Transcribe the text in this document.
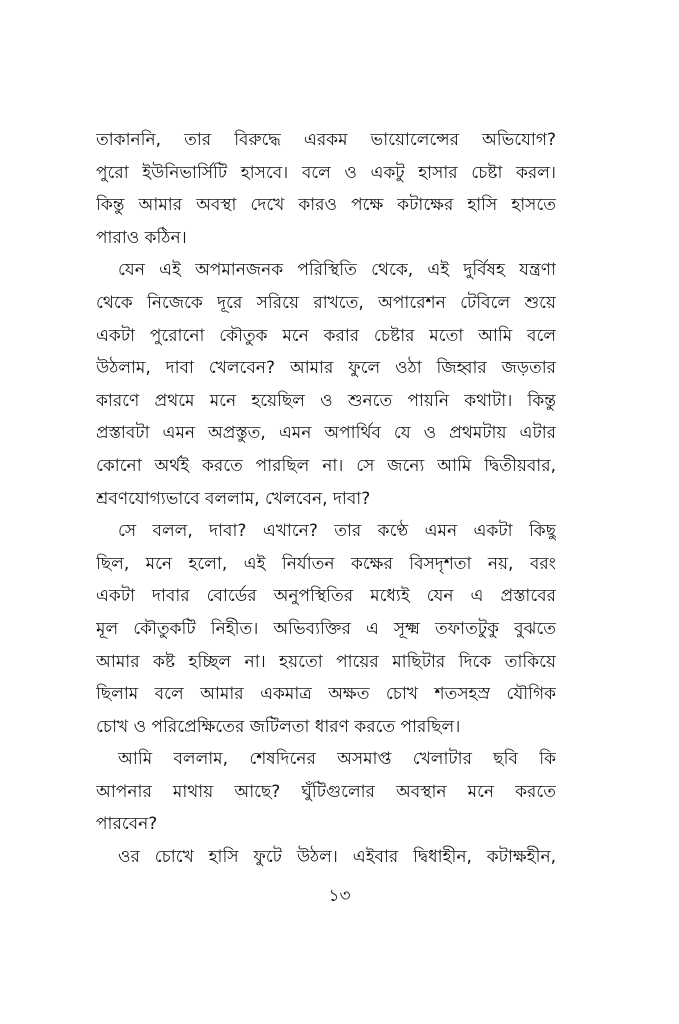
তাকাননি, তার বিরুদ্ধে এরকম ভায়োলেন্সের অভিযোগ?
পুরো ইউনিভার্সিটি হাসবে। বলে ও একটু হাসার চেষ্টা করল।
কিন্তু আমার অবস্থা দেখে কারও পক্ষে কটাক্ষের হাসি হাসতে
পারাও কঠিন।
যেন এই অপমানজনক পরিস্থিতি থেকে, এই দুর্বিষহ যন্ত্রণা
থেকে নিজেকে দূরে সরিয়ে রাখতে, অপারেশন টেবিলে শুয়ে
একটা পুরোনো কৌতুক মনে করার চেষ্টার মতো আমি বলে
উঠলাম, দাবা খেলবেন? আমার ফুলে ওঠা জিহ্বার জড়তার
কারণে প্রথমে মনে হয়েছিল ও শুনতে পায়নি কথাটা। কিন্তু
প্রস্তাবটা এমন অপ্রস্তুত, এমন অপার্থিব যে ও প্রথমটায় এটার
কোনো অর্থই করতে পারছিল না। সে জন্যে আমি দ্বিতীয়বার,
শ্রবণযোগ্যভাবে বললাম, খেলবেন, দাবা?
সে বলল, দাবা? এখানে? তার কণ্ঠে এমন একটা কিছু
ছিল, মনে হলো, এই নির্যাতন কক্ষের বিসদৃশতা নয়, বরং
একটা দাবার বোর্ডের অনুপস্থিতির মধ্যেই যেন এ প্রস্তাবের
মূল কৌতুকটি নিহীত। অভিব্যক্তির এ সূক্ষ্ম তফাতটুকু বুঝতে
আমার কষ্ট হচ্ছিল না। হয়তো পায়ের মাছিটার দিকে তাকিয়ে
ছিলাম বলে আমার একমাত্র অক্ষত চোখ শতসহস্র যৌগিক
চোখ ও পরিপ্রেক্ষিতের জটিলতা ধারণ করতে পারছিল।
আমি বললাম, শেষদিনের অসমাপ্ত খেলাটার ছবি কি
আপনার মাথায় আছে? ঘুঁটিগুলোর অবস্থান মনে করতে
পারবেন?
ওর চোখে হাসি ফুটে উঠল। এইবার দ্বিধাহীন, কটাক্ষহীন,
১৩
